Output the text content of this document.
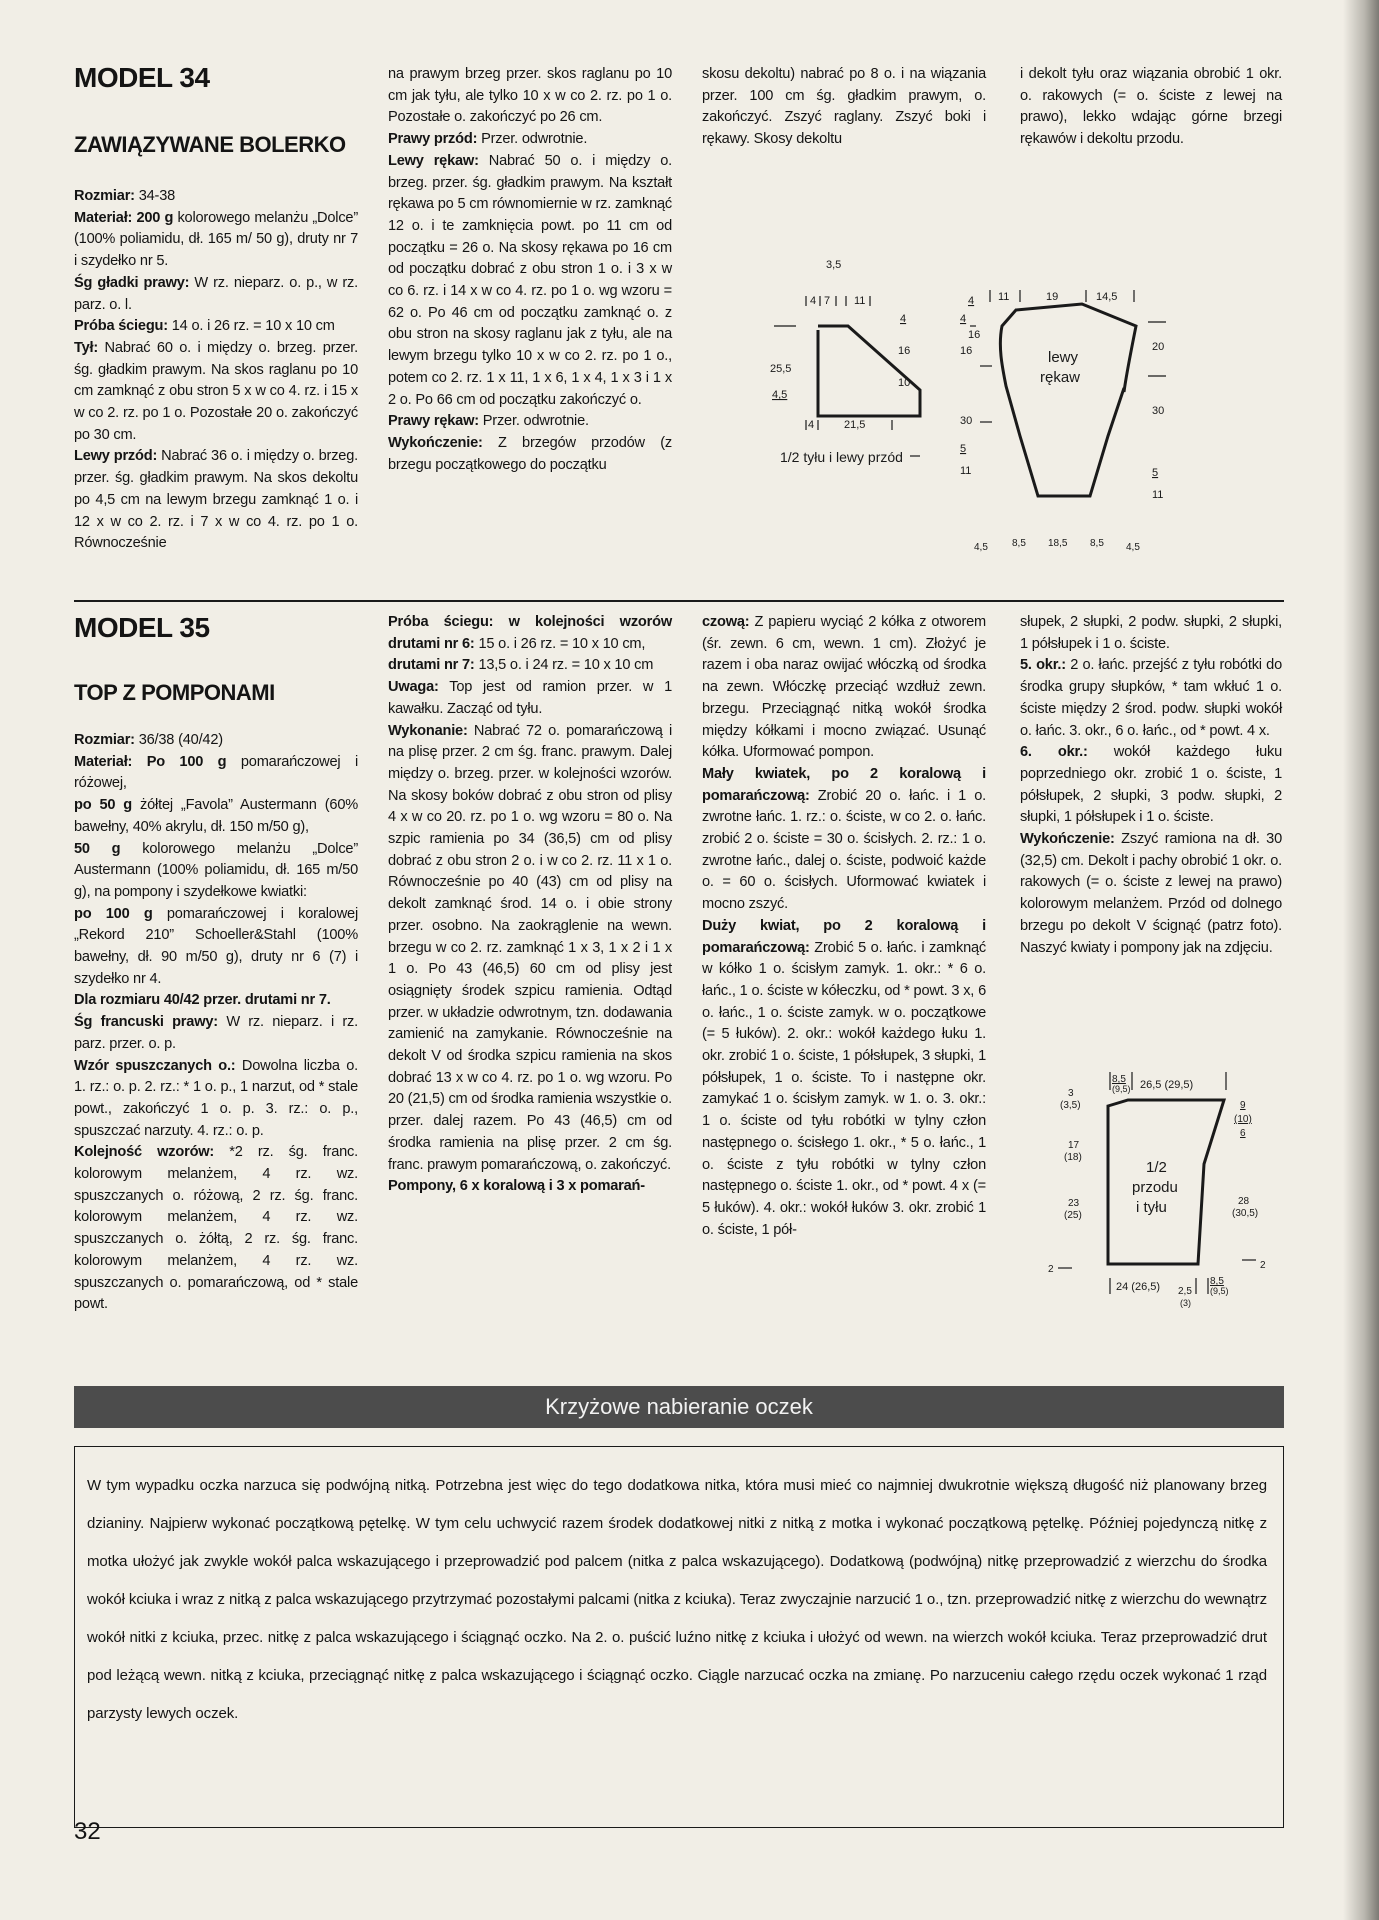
MODEL 34
ZAWIĄZYWANE BOLERKO

Rozmiar: 34-38

Materiał: 200 g kolorowego melanżu „Dolce” (100% poliamidu, dł. 165 m/ 50 g), druty nr 7 i szydełko nr 5.

Śg gładki prawy: W rz. nieparz. o. p., w rz. parz. o. l.

Próba ściegu: 14 o. i 26 rz. = 10 x 10 cm

Tył: Nabrać 60 o. i między o. brzeg. przer. śg. gładkim prawym. Na skos raglanu po 10 cm zamknąć z obu stron 5 x w co 4. rz. i 15 x w co 2. rz. po 1 o. Pozostałe 20 o. zakończyć po 30 cm.

Lewy przód: Nabrać 36 o. i między o. brzeg. przer. śg. gładkim prawym. Na skos dekoltu po 4,5 cm na lewym brzegu zamknąć 1 o. i 12 x w co 2. rz. i 7 x w co 4. rz. po 1 o. Równocześnie

na prawym brzeg przer. skos raglanu po 10 cm jak tyłu, ale tylko 10 x w co 2. rz. po 1 o. Pozostałe o. zakończyć po 26 cm.

Prawy przód: Przer. odwrotnie.

Lewy rękaw: Nabrać 50 o. i między o. brzeg. przer. śg. gładkim prawym. Na kształt rękawa po 5 cm równomiernie w rz. zamknąć 12 o. i te zamknięcia powt. po 11 cm od początku = 26 o. Na skosy rękawa po 16 cm od początku dobrać z obu stron 1 o. i 3 x w co 6. rz. i 14 x w co 4. rz. po 1 o. wg wzoru = 62 o. Po 46 cm od początku zamknąć o. z obu stron na skosy raglanu jak z tyłu, ale na lewym brzegu tylko 10 x w co 2. rz. po 1 o., potem co 2. rz. 1 x 11, 1 x 6, 1 x 4, 1 x 3 i 1 x 2 o. Po 66 cm od początku zakończyć o.

Prawy rękaw: Przer. odwrotnie.

Wykończenie: Z brzegów przodów (z brzegu początkowego do początku

skosu dekoltu) nabrać po 8 o. i na wiązania przer. 100 cm śg. gładkim prawym, o. zakończyć. Zszyć raglany. Zszyć boki i rękawy. Skosy dekoltu

i dekolt tyłu oraz wiązania obrobić 1 okr. o. rakowych (= o. ściste z lewej na prawo), lekko wdając górne brzegi rękawów i dekoltu przodu.

3,5
4 7 11
25,5
4,5
4
16
10
4
16
30
5
11
4	21,5
1/2 tyłu i lewy przód
11	19	14,5
4
16
20
30
5
11
lewy
rękaw
4,5 8,5 18,5 8,5 4,5
MODEL 35
TOP Z POMPONAMI

Rozmiar: 36/38 (40/42)

Materiał: Po 100 g pomarańczowej i różowej,

po 50 g żółtej „Favola” Austermann (60% bawełny, 40% akrylu, dł. 150 m/50 g),

50 g kolorowego melanżu „Dolce” Austermann (100% poliamidu, dł. 165 m/50 g), na pompony i szydełkowe kwiatki:

po 100 g pomarańczowej i koralowej „Rekord 210” Schoeller&Stahl (100% bawełny, dł. 90 m/50 g), druty nr 6 (7) i szydełko nr 4.

Dla rozmiaru 40/42 przer. drutami nr 7.

Śg francuski prawy: W rz. nieparz. i rz. parz. przer. o. p.

Wzór spuszczanych o.: Dowolna liczba o. 1. rz.: o. p. 2. rz.: * 1 o. p., 1 narzut, od * stale powt., zakończyć 1 o. p. 3. rz.: o. p., spuszczać narzuty. 4. rz.: o. p.

Kolejność wzorów: *2 rz. śg. franc. kolorowym melanżem, 4 rz. wz. spuszczanych o. różową, 2 rz. śg. franc. kolorowym melanżem, 4 rz. wz. spuszczanych o. żółtą, 2 rz. śg. franc. kolorowym melanżem, 4 rz. wz. spuszczanych o. pomarańczową, od * stale powt.

Próba ściegu: w kolejności wzorów drutami nr 6: 15 o. i 26 rz. = 10 x 10 cm,

drutami nr 7: 13,5 o. i 24 rz. = 10 x 10 cm

Uwaga: Top jest od ramion przer. w 1 kawałku. Zacząć od tyłu.

Wykonanie: Nabrać 72 o. pomarańczową i na plisę przer. 2 cm śg. franc. prawym. Dalej między o. brzeg. przer. w kolejności wzorów. Na skosy boków dobrać z obu stron od plisy 4 x w co 20. rz. po 1 o. wg wzoru = 80 o. Na szpic ramienia po 34 (36,5) cm od plisy dobrać z obu stron 2 o. i w co 2. rz. 11 x 1 o. Równocześnie po 40 (43) cm od plisy na dekolt zamknąć środ. 14 o. i obie strony przer. osobno. Na zaokrąglenie na wewn. brzegu w co 2. rz. zamknąć 1 x 3, 1 x 2 i 1 x 1 o. Po 43 (46,5) 60 cm od plisy jest osiągnięty środek szpicu ramienia. Odtąd przer. w układzie odwrotnym, tzn. dodawania zamienić na zamykanie. Równocześnie na dekolt V od środka szpicu ramienia na skos dobrać 13 x w co 4. rz. po 1 o. wg wzoru. Po 20 (21,5) cm od środka ramienia wszystkie o. przer. dalej razem. Po 43 (46,5) cm od środka ramienia na plisę przer. 2 cm śg. franc. prawym pomarańczową, o. zakończyć.

Pompony, 6 x koralową i 3 x pomarań-

czową: Z papieru wyciąć 2 kółka z otworem (śr. zewn. 6 cm, wewn. 1 cm). Złożyć je razem i oba naraz owijać włóczką od środka na zewn. Włóczkę przeciąć wzdłuż zewn. brzegu. Przeciągnąć nitką wokół środka między kółkami i mocno związać. Usunąć kółka. Uformować pompon.

Mały kwiatek, po 2 koralową i pomarańczową: Zrobić 20 o. łańc. i 1 o. zwrotne łańc. 1. rz.: o. ściste, w co 2. o. łańc. zrobić 2 o. ściste = 30 o. ścisłych. 2. rz.: 1 o. zwrotne łańc., dalej o. ściste, podwoić każde o. = 60 o. ścisłych. Uformować kwiatek i mocno zszyć.

Duży kwiat, po 2 koralową i pomarańczową: Zrobić 5 o. łańc. i zamknąć w kółko 1 o. ścisłym zamyk. 1. okr.: * 6 o. łańc., 1 o. ściste w kółeczku, od * powt. 3 x, 6 o. łańc., 1 o. ściste zamyk. w o. początkowe (= 5 łuków). 2. okr.: wokół każdego łuku 1. okr. zrobić 1 o. ściste, 1 półsłupek, 3 słupki, 1 półsłupek, 1 o. ściste. To i następne okr. zamykać 1 o. ścisłym zamyk. w 1. o. 3. okr.: 1 o. ściste od tyłu robótki w tylny człon następnego o. ścisłego 1. okr., * 5 o. łańc., 1 o. ściste z tyłu robótki w tylny człon następnego o. ściste 1. okr., od * powt. 4 x (= 5 łuków). 4. okr.: wokół łuków 3. okr. zrobić 1 o. ściste, 1 pół-

słupek, 2 słupki, 2 podw. słupki, 2 słupki, 1 półsłupek i 1 o. ściste.

5. okr.: 2 o. łańc. przejść z tyłu robótki do środka grupy słupków, * tam wkłuć 1 o. ściste między 2 środ. podw. słupki wokół o. łańc. 3. okr., 6 o. łańc., od * powt. 4 x.

6. okr.: wokół każdego łuku poprzedniego okr. zrobić 1 o. ściste, 1 półsłupek, 2 słupki, 3 podw. słupki, 2 słupki, 1 półsłupek i 1 o. ściste.

Wykończenie: Zszyć ramiona na dł. 30 (32,5) cm. Dekolt i pachy obrobić 1 okr. o. rakowych (= o. ściste z lewej na prawo) kolorowym melanżem. Przód od dolnego brzegu po dekolt V ścignąć (patrz foto). Naszyć kwiaty i pompony jak na zdjęciu.

8,5
(9,5) 26,5 (29,5)
3
(3,5)
17
(18)
23
(25)
2
9
(10)
6
28
(30,5)
2
1/2
przodu
i tyłu
24 (26,5) 2,5
(3)
8,5
(9,5)
Krzyżowe nabieranie oczek

W tym wypadku oczka narzuca się podwójną nitką. Potrzebna jest więc do tego dodatkowa nitka, która musi mieć co najmniej dwukrotnie większą długość niż planowany brzeg dzianiny. Najpierw wykonać początkową pętelkę. W tym celu uchwycić razem środek dodatkowej nitki z nitką z motka i wykonać początkową pętelkę. Później pojedynczą nitkę z motka ułożyć jak zwykle wokół palca wskazującego i przeprowadzić pod palcem (nitka z palca wskazującego). Dodatkową (podwójną) nitkę przeprowadzić z wierzchu do środka wokół kciuka i wraz z nitką z palca wskazującego przytrzymać pozostałymi palcami (nitka z kciuka). Teraz zwyczajnie narzucić 1 o., tzn. przeprowadzić nitkę z wierzchu do wewnątrz wokół nitki z kciuka, przec. nitkę z palca wskazującego i ściągnąć oczko. Na 2. o. puścić luźno nitkę z kciuka i ułożyć od wewn. na wierzch wokół kciuka. Teraz przeprowadzić drut pod leżącą wewn. nitką z kciuka, przeciągnąć nitkę z palca wskazującego i ściągnąć oczko. Ciągle narzucać oczka na zmianę. Po narzuceniu całego rzędu oczek wykonać 1 rząd parzysty lewych oczek.

32
